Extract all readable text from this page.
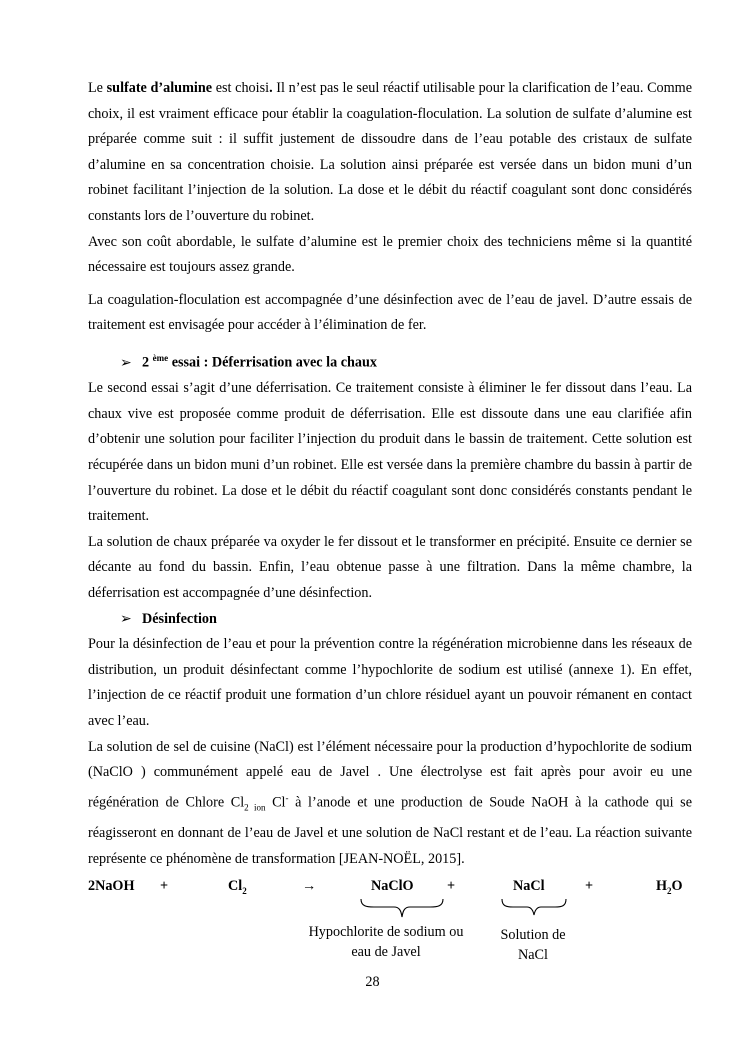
Le sulfate d’alumine est choisi. Il n’est pas le seul réactif utilisable pour la clarification de l’eau. Comme choix, il est vraiment efficace pour établir la coagulation-floculation. La solution de sulfate d’alumine est préparée comme suit : il suffit justement de dissoudre dans de l’eau potable des cristaux de sulfate d’alumine en sa concentration choisie. La solution ainsi préparée est versée dans un bidon muni d’un robinet facilitant l’injection de la solution. La dose et le débit du réactif coagulant sont donc considérés constants lors de l’ouverture du robinet.

Avec son coût abordable, le sulfate d’alumine est le premier choix des techniciens même si la quantité nécessaire est toujours assez grande.

La coagulation-floculation est accompagnée d’une désinfection avec de l’eau de javel. D’autre essais de traitement est envisagée pour accéder à l’élimination de fer.

➢ 2 $^{ème}$ essai : Déferrisation avec la chaux

Le second essai s’agit d’une déferrisation. Ce traitement consiste à éliminer le fer dissout dans l’eau. La chaux vive est proposée comme produit de déferrisation. Elle est dissoute dans une eau clarifiée afin d’obtenir une solution pour faciliter l’injection du produit dans le bassin de traitement. Cette solution est récupérée dans un bidon muni d’un robinet. Elle est versée dans la première chambre du bassin à partir de l’ouverture du robinet. La dose et le débit du réactif coagulant sont donc considérés constants pendant le traitement.

La solution de chaux préparée va oxyder le fer dissout et le transformer en précipité. Ensuite ce dernier se décante au fond du bassin. Enfin, l’eau obtenue passe à une filtration. Dans la même chambre, la déferrisation est accompagnée d’une désinfection.

➢ Désinfection

Pour la désinfection de l’eau et pour la prévention contre la régénération microbienne dans les réseaux de distribution, un produit désinfectant comme l’hypochlorite de sodium est utilisé (annexe 1). En effet, l’injection de ce réactif produit une formation d’un chlore résiduel ayant un pouvoir rémanent en contact avec l’eau.

La solution de sel de cuisine (NaCl) est l’élément nécessaire pour la production d’hypochlorite de sodium (NaClO ) communément appelé eau de Javel . Une électrolyse est fait après pour avoir eu une régénération de Chlore $Cl_{2 ion}$ Cl- à l’anode et une production de Soude NaOH à la cathode qui se réagisseront en donnant de l’eau de Javel et une solution de NaCl restant et de l’eau. La réaction suivante représente ce phénomène de transformation [JEAN-NOËL, 2015].

2NaOH +	$Cl_2$	→	NaClO +	NaCl	+	$H_2O$
Hypochlorite de sodium ou
eau de Javel
Solution de
NaCl
28
